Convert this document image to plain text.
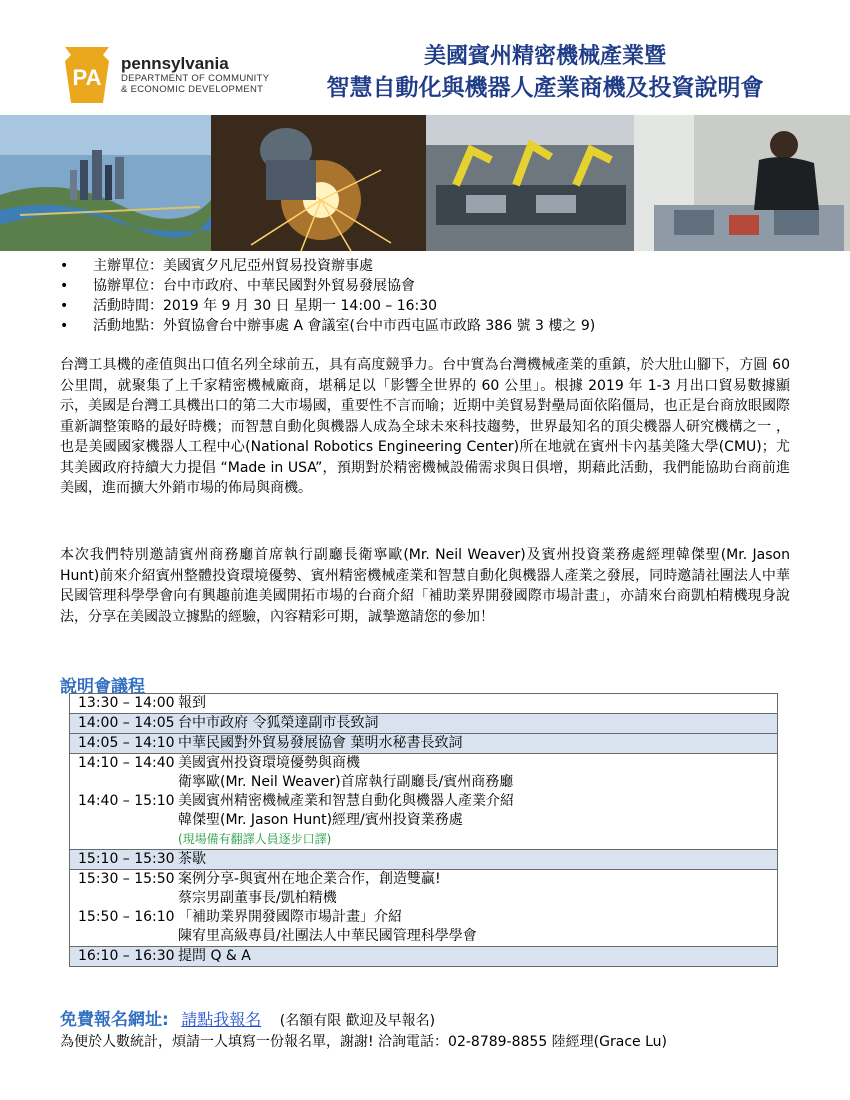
PA
pennsylvania
DEPARTMENT OF COMMUNITY
& ECONOMIC DEVELOPMENT
美國賓州精密機械產業暨
智慧自動化與機器人產業商機及投資說明會
• 主辦單位：美國賓夕凡尼亞州貿易投資辦事處
• 協辦單位：台中市政府、中華民國對外貿易發展協會
• 活動時間：2019 年 9 月 30 日 星期一 14:00 – 16:30
• 活動地點：外貿協會台中辦事處 A 會議室(台中市西屯區市政路 386 號 3 樓之 9)

台灣工具機的產值與出口值名列全球前五，具有高度競爭力。台中實為台灣機械產業的重鎮，於大肚山腳下，方圓 60 公里間，就聚集了上千家精密機械廠商，堪稱足以「影響全世界的 60 公里」。根據 2019 年 1-3 月出口貿易數據顯示，美國是台灣工具機出口的第二大市場國，重要性不言而喻；近期中美貿易對壘局面依陷僵局，也正是台商放眼國際重新調整策略的最好時機；而智慧自動化與機器人成為全球未來科技趨勢，世界最知名的頂尖機器人研究機構之一 ，也是美國國家機器人工程中心(National Robotics Engineering Center)所在地就在賓州卡內基美隆大學(CMU)；尤其美國政府持續大力提倡 “Made in USA”，預期對於精密機械設備需求與日俱增，期藉此活動，我們能協助台商前進美國，進而擴大外銷市場的佈局與商機。

本次我們特別邀請賓州商務廳首席執行副廳長衛寧歐(Mr. Neil Weaver)及賓州投資業務處經理韓傑聖(Mr. Jason Hunt)前來介紹賓州整體投資環境優勢、賓州精密機械產業和智慧自動化與機器人產業之發展，同時邀請社團法人中華民國管理科學學會向有興趣前進美國開拓市場的台商介紹「補助業界開發國際市場計畫」，亦請來台商凱柏精機現身說法，分享在美國設立據點的經驗，內容精彩可期，誠摯邀請您的參加！

說明會議程
13:30 – 14:00 報到
14:00 – 14:05 台中市政府 令狐榮達副市長致詞
14:05 – 14:10 中華民國對外貿易發展協會 葉明水秘書長致詞
14:10 – 14:40 美國賓州投資環境優勢與商機
衛寧歐(Mr. Neil Weaver)首席執行副廳長/賓州商務廳
14:40 – 15:10 美國賓州精密機械產業和智慧自動化與機器人產業介紹
韓傑聖(Mr. Jason Hunt)經理/賓州投資業務處
(現場備有翻譯人員逐步口譯)
15:10 – 15:30 茶歇
15:30 – 15:50 案例分享-與賓州在地企業合作，創造雙贏!
蔡宗男副董事長/凱柏精機
15:50 – 16:10 「補助業界開發國際市場計畫」介紹
陳宥里高級專員/社團法人中華民國管理科學學會
16:10 – 16:30 提問 Q & A
免費報名網址: 請點我報名 (名額有限 歡迎及早報名)
為便於人數統計，煩請一人填寫一份報名單，謝謝! 洽詢電話：02-8789-8855 陸經理(Grace Lu)
